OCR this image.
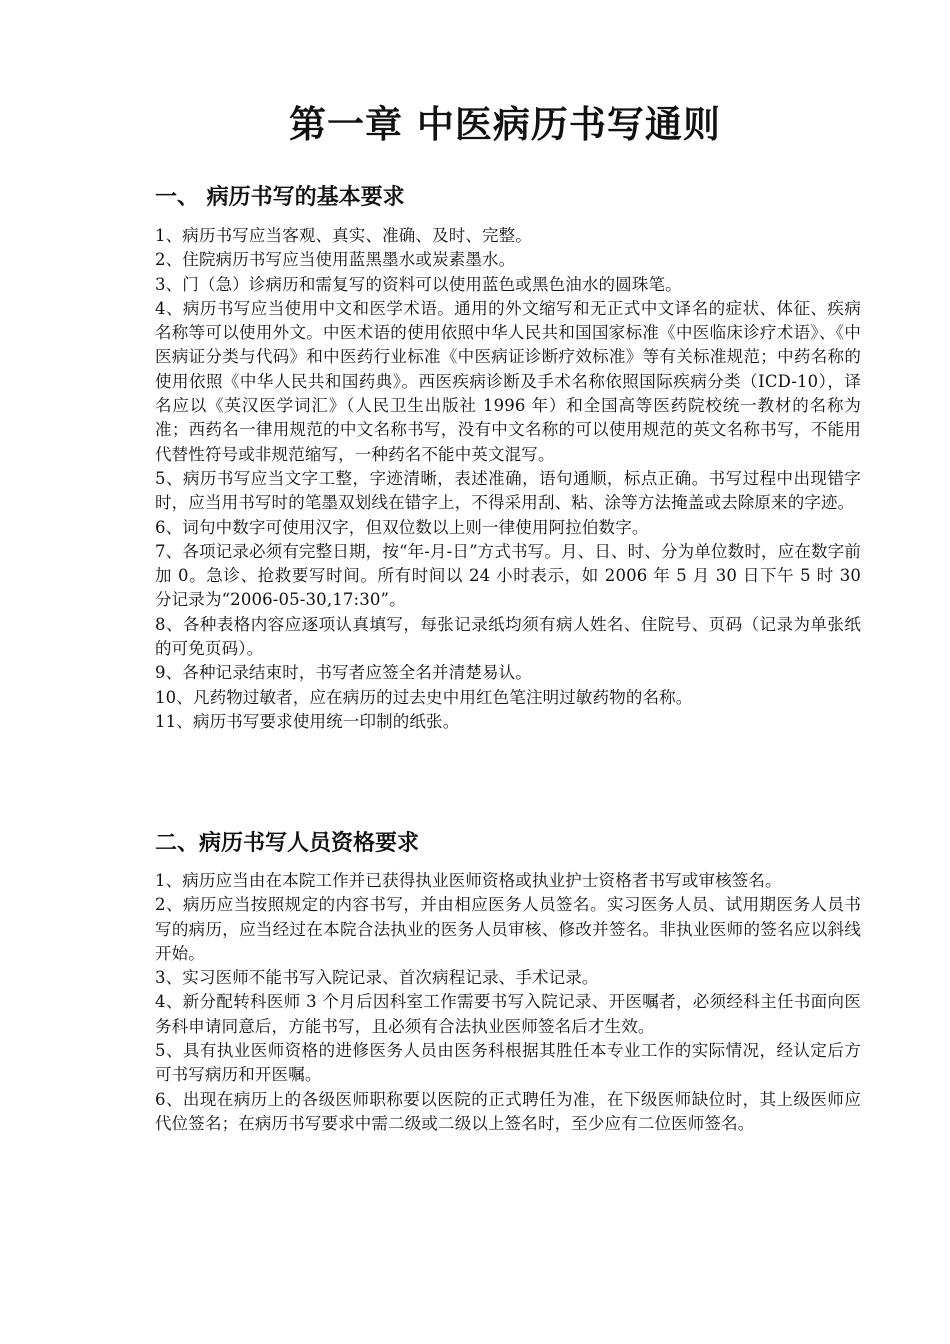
第一章 中医病历书写通则
一、 病历书写的基本要求

1、病历书写应当客观、真实、准确、及时、完整。

2、住院病历书写应当使用蓝黑墨水或炭素墨水。

3、门（急）诊病历和需复写的资料可以使用蓝色或黑色油水的圆珠笔。

4、病历书写应当使用中文和医学术语。通用的外文缩写和无正式中文译名的症状、体征、疾病名称等可以使用外文。中医术语的使用依照中华人民共和国国家标准《中医临床诊疗术语》、《中医病证分类与代码》和中医药行业标准《中医病证诊断疗效标准》等有关标准规范；中药名称的使用依照《中华人民共和国药典》。西医疾病诊断及手术名称依照国际疾病分类（ICD-10），译名应以《英汉医学词汇》（人民卫生出版社 1996 年）和全国高等医药院校统一教材的名称为准；西药名一律用规范的中文名称书写，没有中文名称的可以使用规范的英文名称书写，不能用代替性符号或非规范缩写，一种药名不能中英文混写。

5、病历书写应当文字工整，字迹清晰，表述准确，语句通顺，标点正确。书写过程中出现错字时，应当用书写时的笔墨双划线在错字上，不得采用刮、粘、涂等方法掩盖或去除原来的字迹。

6、词句中数字可使用汉字，但双位数以上则一律使用阿拉伯数字。

7、各项记录必须有完整日期，按“年-月-日”方式书写。月、日、时、分为单位数时，应在数字前加 0。急诊、抢救要写时间。所有时间以 24 小时表示，如 2006 年 5 月 30 日下午 5 时 30 分记录为“2006-05-30,17:30”。

8、各种表格内容应逐项认真填写，每张记录纸均须有病人姓名、住院号、页码（记录为单张纸的可免页码）。

9、各种记录结束时，书写者应签全名并清楚易认。

10、凡药物过敏者，应在病历的过去史中用红色笔注明过敏药物的名称。

11、病历书写要求使用统一印制的纸张。

二、病历书写人员资格要求

1、病历应当由在本院工作并已获得执业医师资格或执业护士资格者书写或审核签名。

2、病历应当按照规定的内容书写，并由相应医务人员签名。实习医务人员、试用期医务人员书写的病历，应当经过在本院合法执业的医务人员审核、修改并签名。非执业医师的签名应以斜线开始。

3、实习医师不能书写入院记录、首次病程记录、手术记录。

4、新分配转科医师 3 个月后因科室工作需要书写入院记录、开医嘱者，必须经科主任书面向医务科申请同意后，方能书写，且必须有合法执业医师签名后才生效。

5、具有执业医师资格的进修医务人员由医务科根据其胜任本专业工作的实际情况，经认定后方可书写病历和开医嘱。

6、出现在病历上的各级医师职称要以医院的正式聘任为准，在下级医师缺位时，其上级医师应代位签名；在病历书写要求中需二级或二级以上签名时，至少应有二位医师签名。
